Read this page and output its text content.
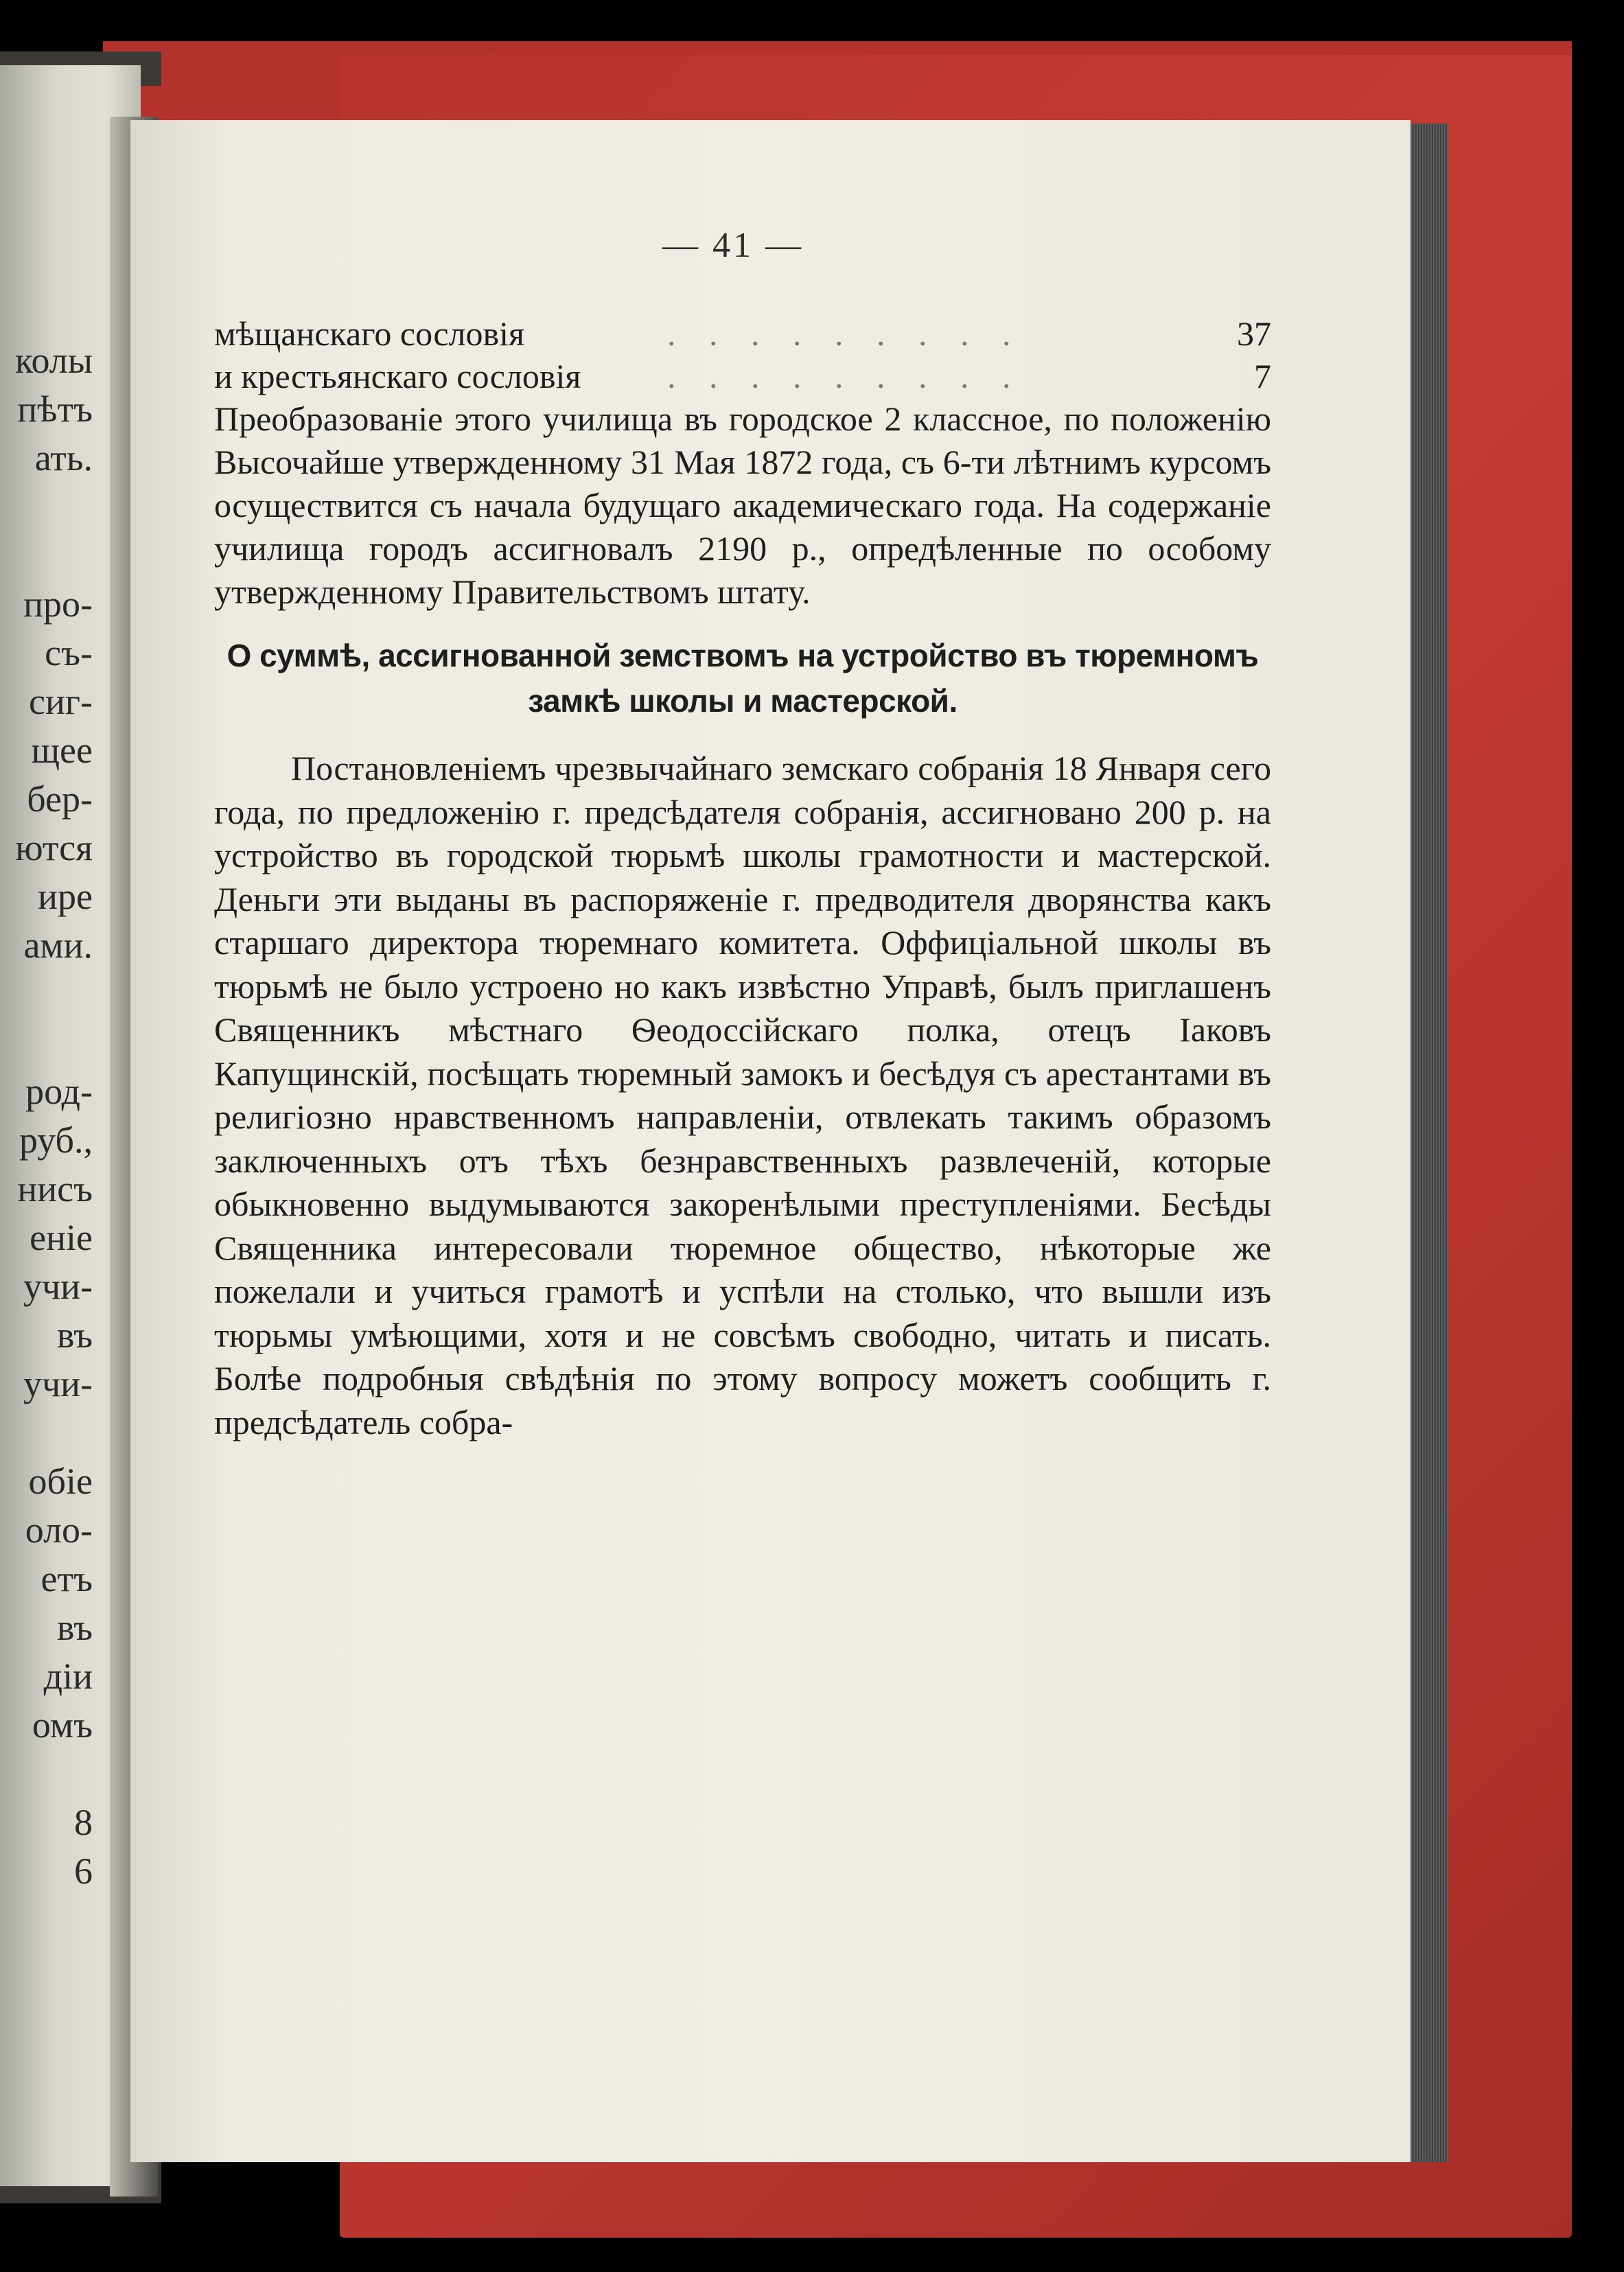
колы
пѣтъ
ать.
про-
съ-
сиг-
щее
бер-
ются
ире
ами.
род-
руб.,
нисъ
еніе
учи-
въ
учи-
обіе
оло-
етъ
въ
діи
омъ
8
6
— 41 —
мѣщанскаго сословія	. . . . . . . . .	37
и крестьянскаго сословія	. . . . . . . . .	7
Преобразованіе этого училища въ городское 2 классное, по положенію Высочайше утвержденному 31 Мая 1872 года, съ 6-ти лѣтнимъ курсомъ осуществится съ начала будущаго академическаго года. На содержаніе училища городъ ассигновалъ 2190 р., опредѣленные по особому утвержденному Правительствомъ штату.
О суммѣ, ассигнованной земствомъ на устройство въ тюремномъ замкѣ школы и мастерской.
Постановленіемъ чрезвычайнаго земскаго собранія 18 Января сего года, по предложенію г. предсѣдателя собранія, ассигновано 200 р. на устройство въ городской тюрьмѣ школы грамотности и мастерской. Деньги эти выданы въ распоряженіе г. предводителя дворянства какъ старшаго директора тюремнаго комитета. Оффиціальной школы въ тюрьмѣ не было устроено но какъ извѣстно Управѣ, былъ приглашенъ Священникъ мѣстнаго Ѳеодоссійскаго полка, отецъ Іаковъ Капущинскій, посѣщать тюремный замокъ и бесѣдуя съ арестантами въ религіозно нравственномъ направленіи, отвлекать такимъ образомъ заключенныхъ отъ тѣхъ безнравственныхъ развлеченій, которые обыкновенно выдумываются закоренѣлыми преступленіями. Бесѣды Священника интересовали тюремное общество, нѣкоторые же пожелали и учиться грамотѣ и успѣли на столько, что вышли изъ тюрьмы умѣющими, хотя и не совсѣмъ свободно, читать и писать. Болѣе подробныя свѣдѣнія по этому вопросу можетъ сообщить г. предсѣдатель собра-
